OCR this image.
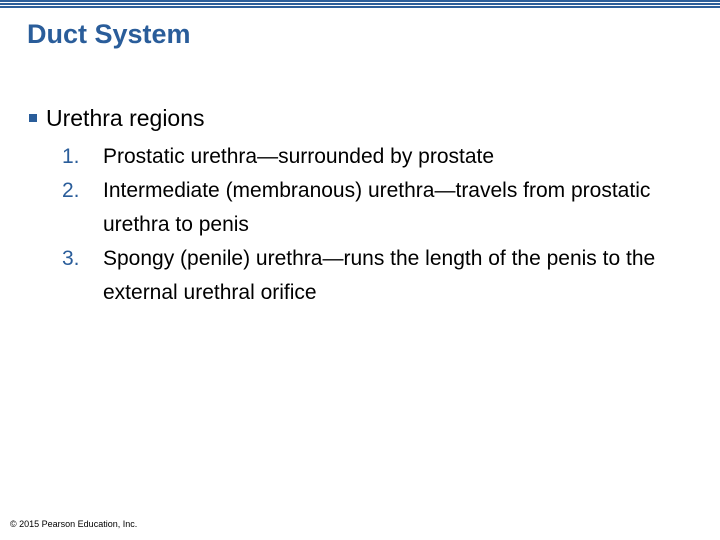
Duct System
Urethra regions
1.	Prostatic urethra—surrounded by prostate
2.	Intermediate (membranous) urethra—travels from prostatic urethra to penis
3.	Spongy (penile) urethra—runs the length of the penis to the external urethral orifice
© 2015 Pearson Education, Inc.
